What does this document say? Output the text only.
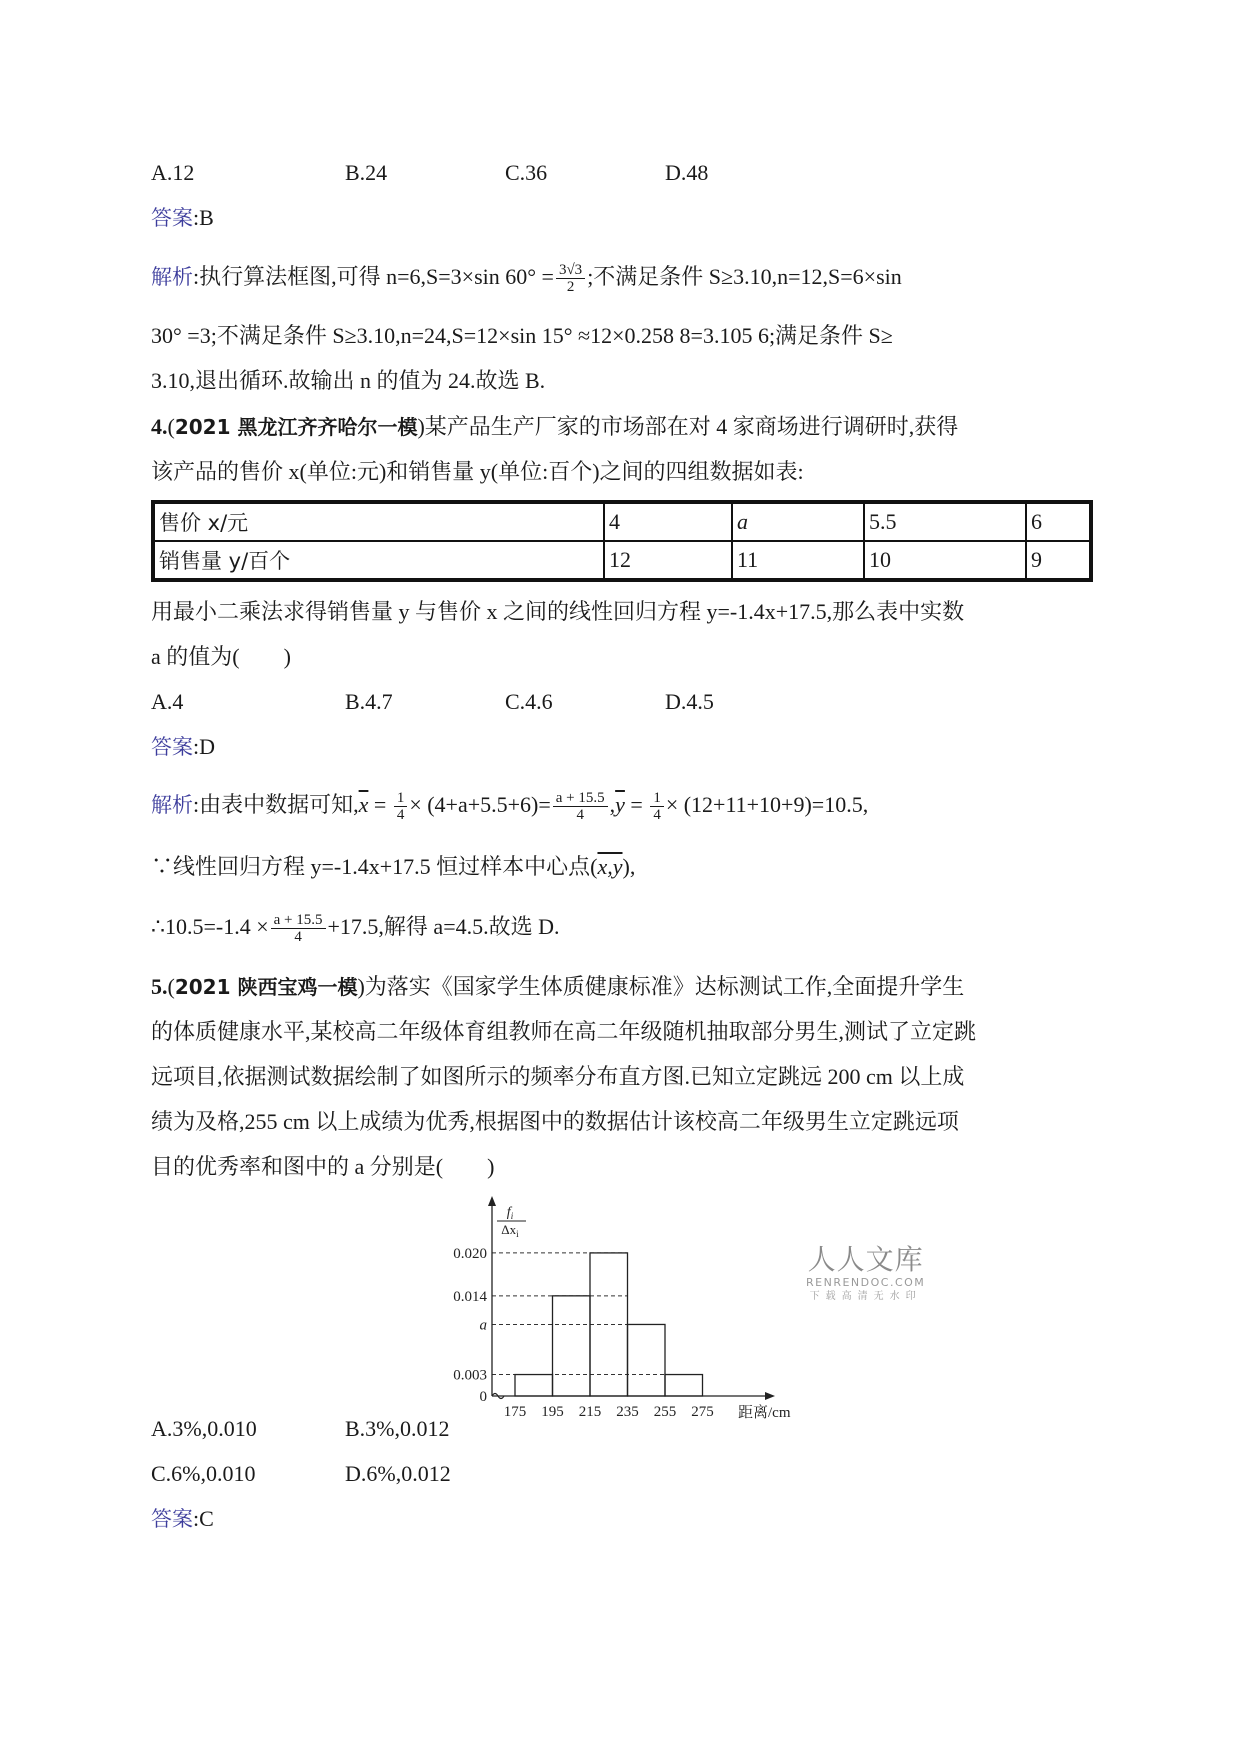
A.12	B.24	C.36	D.48
答案:B
解析:执行算法框图,可得 n=6,S=3×sin $60^\circ = \frac{3√3}{2}$ ;不满足条件 S≥3.10,n=12,S=6×sin
30° =3;不满足条件 S≥3.10,n=24,S=12×sin 15° ≈12×0.258 8=3.105 6;满足条件 S≥
3.10,退出循环.故输出 n 的值为 24.故选 B.
4.(2021 黑龙江齐齐哈尔一模)某产品生产厂家的市场部在对 4 家商场进行调研时,获得
该产品的售价 x(单位:元)和销售量 y(单位:百个)之间的四组数据如表:
售价 x/元	4	a	5.5	6
销售量 y/百个	12	11	10	9
用最小二乘法求得销售量 y 与售价 x 之间的线性回归方程 y=-1.4x+17.5,那么表中实数
a 的值为(　　)
A.4	B.4.7	C.4.6	D.4.5
答案:D
解析:由表中数据可知$,\overline{x} = \frac{1}{4} \times (4+a+5.5+6)= \frac{a + 15.5}{4} ,\overline{y} = \frac{1}{4} \times (12+11+10+9)=10.5$,
∵线性回归方程 y=-1.4x+17.5 恒过样本中心点(x,y),
∴10.5=-1.4 × $\frac{a + 15.5}{4} +17.5$,解得 a=4.5.故选 D.
5.(2021 陕西宝鸡一模)为落实《国家学生体质健康标准》达标测试工作,全面提升学生
的体质健康水平,某校高二年级体育组教师在高二年级随机抽取部分男生,测试了立定跳
远项目,依据测试数据绘制了如图所示的频率分布直方图.已知立定跳远 200 cm 以上成
绩为及格,255 cm 以上成绩为优秀,根据图中的数据估计该校高二年级男生立定跳远项
目的优秀率和图中的 a 分别是(　　)
$f_i$
$\Delta x_i$
距离/cm
0
0.003
a
0.014
0.020
175 195 215 235 255 275
人人文库
RENRENDOC.COM
下载高清无水印
A.3%,0.010	B.3%,0.012
C.6%,0.010	D.6%,0.012
答案:C
